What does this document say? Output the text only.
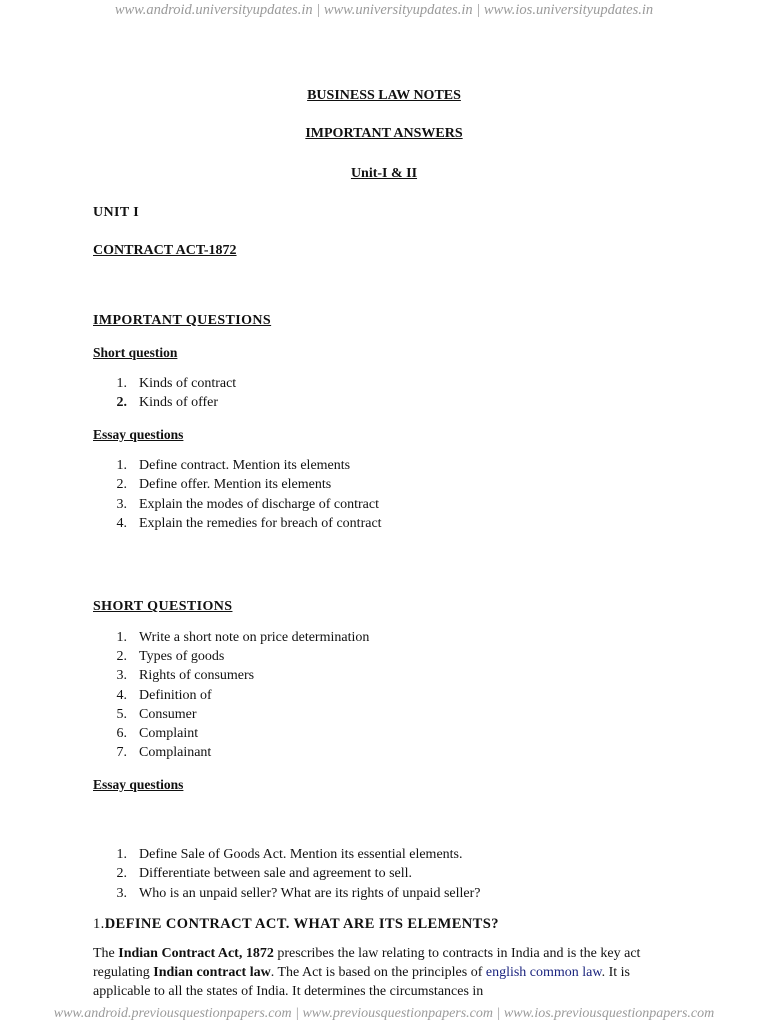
www.android.universityupdates.in | www.universityupdates.in | www.ios.universityupdates.in
BUSINESS LAW NOTES
IMPORTANT ANSWERS
Unit-I & II
UNIT I
CONTRACT ACT-1872
IMPORTANT QUESTIONS
Short question
1. Kinds of contract
2. Kinds of offer
Essay questions
1. Define contract. Mention its elements
2. Define offer. Mention its elements
3. Explain the modes of discharge of contract
4. Explain the remedies for breach of contract
SHORT QUESTIONS
1. Write a short note on price determination
2. Types of goods
3. Rights of consumers
4. Definition of
5. Consumer
6. Complaint
7. Complainant
Essay questions
1. Define Sale of Goods Act. Mention its essential elements.
2. Differentiate between sale and agreement to sell.
3. Who is an unpaid seller? What are its rights of unpaid seller?
1.DEFINE CONTRACT ACT. WHAT ARE ITS ELEMENTS?
The Indian Contract Act, 1872 prescribes the law relating to contracts in India and is the key act regulating Indian contract law. The Act is based on the principles of english common law. It is applicable to all the states of India. It determines the circumstances in
www.android.previousquestionpapers.com | www.previousquestionpapers.com | www.ios.previousquestionpapers.com
